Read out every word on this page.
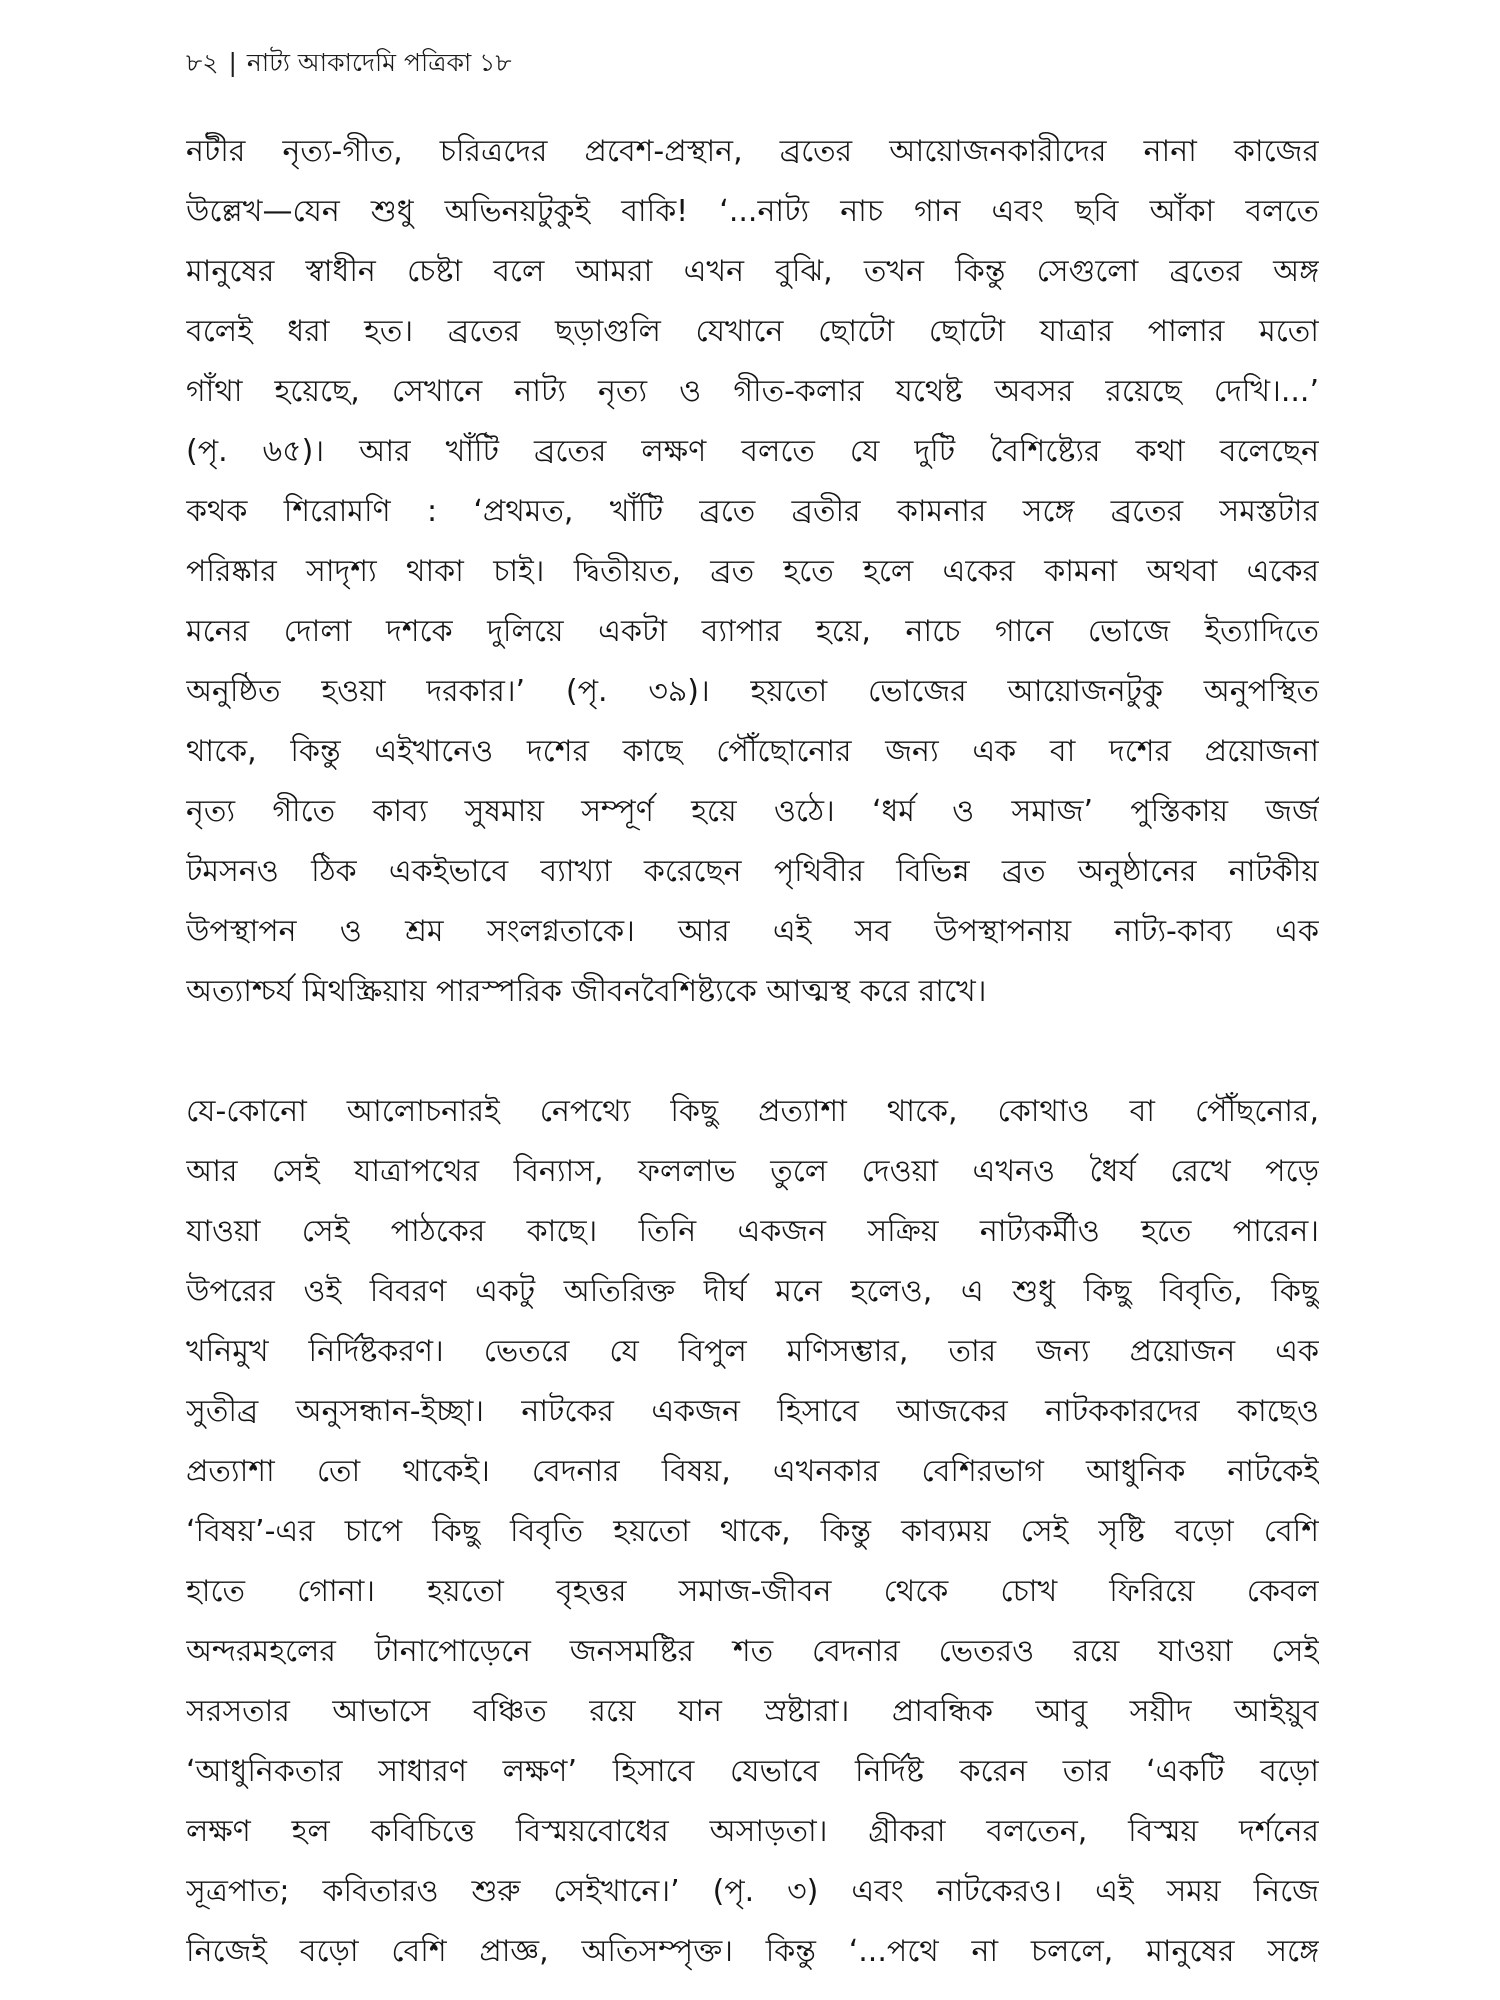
৮২ | নাট্য আকাদেমি পত্রিকা ১৮
নটীর নৃত্য-গীত, চরিত্রদের প্রবেশ-প্রস্থান, ব্রতের আয়োজনকারীদের নানা কাজের
উল্লেখ—যেন শুধু অভিনয়টুকুই বাকি! ‘...নাট্য নাচ গান এবং ছবি আঁকা বলতে
মানুষের স্বাধীন চেষ্টা বলে আমরা এখন বুঝি, তখন কিন্তু সেগুলো ব্রতের অঙ্গ
বলেই ধরা হত। ব্রতের ছড়াগুলি যেখানে ছোটো ছোটো যাত্রার পালার মতো
গাঁথা হয়েছে, সেখানে নাট্য নৃত্য ও গীত-কলার যথেষ্ট অবসর রয়েছে দেখি।...’
(পৃ. ৬৫)। আর খাঁটি ব্রতের লক্ষণ বলতে যে দুটি বৈশিষ্ট্যের কথা বলেছেন
কথক শিরোমণি : ‘প্রথমত, খাঁটি ব্রতে ব্রতীর কামনার সঙ্গে ব্রতের সমস্তটার
পরিষ্কার সাদৃশ্য থাকা চাই। দ্বিতীয়ত, ব্রত হতে হলে একের কামনা অথবা একের
মনের দোলা দশকে দুলিয়ে একটা ব্যাপার হয়ে, নাচে গানে ভোজে ইত্যাদিতে
অনুষ্ঠিত হওয়া দরকার।’ (পৃ. ৩৯)। হয়তো ভোজের আয়োজনটুকু অনুপস্থিত
থাকে, কিন্তু এইখানেও দশের কাছে পৌঁছোনোর জন্য এক বা দশের প্রয়োজনা
নৃত্য গীতে কাব্য সুষমায় সম্পূর্ণ হয়ে ওঠে। ‘ধর্ম ও সমাজ’ পুস্তিকায় জর্জ
টমসনও ঠিক একইভাবে ব্যাখ্যা করেছেন পৃথিবীর বিভিন্ন ব্রত অনুষ্ঠানের নাটকীয়
উপস্থাপন ও শ্রম সংলগ্নতাকে। আর এই সব উপস্থাপনায় নাট্য-কাব্য এক
অত্যাশ্চর্য মিথস্ক্রিয়ায় পারস্পরিক জীবনবৈশিষ্ট্যকে আত্মস্থ করে রাখে।
যে-কোনো আলোচনারই নেপথ্যে কিছু প্রত্যাশা থাকে, কোথাও বা পৌঁছনোর,
আর সেই যাত্রাপথের বিন্যাস, ফললাভ তুলে দেওয়া এখনও ধৈর্য রেখে পড়ে
যাওয়া সেই পাঠকের কাছে। তিনি একজন সক্রিয় নাট্যকর্মীও হতে পারেন।
উপরের ওই বিবরণ একটু অতিরিক্ত দীর্ঘ মনে হলেও, এ শুধু কিছু বিবৃতি, কিছু
খনিমুখ নির্দিষ্টকরণ। ভেতরে যে বিপুল মণিসম্ভার, তার জন্য প্রয়োজন এক
সুতীব্র অনুসন্ধান-ইচ্ছা। নাটকের একজন হিসাবে আজকের নাটককারদের কাছেও
প্রত্যাশা তো থাকেই। বেদনার বিষয়, এখনকার বেশিরভাগ আধুনিক নাটকেই
‘বিষয়’-এর চাপে কিছু বিবৃতি হয়তো থাকে, কিন্তু কাব্যময় সেই সৃষ্টি বড়ো বেশি
হাতে গোনা। হয়তো বৃহত্তর সমাজ-জীবন থেকে চোখ ফিরিয়ে কেবল
অন্দরমহলের টানাপোড়েনে জনসমষ্টির শত বেদনার ভেতরও রয়ে যাওয়া সেই
সরসতার আভাসে বঞ্চিত রয়ে যান স্রষ্টারা। প্রাবন্ধিক আবু সয়ীদ আইয়ুব
‘আধুনিকতার সাধারণ লক্ষণ’ হিসাবে যেভাবে নির্দিষ্ট করেন তার ‘একটি বড়ো
লক্ষণ হল কবিচিত্তে বিস্ময়বোধের অসাড়তা। গ্রীকরা বলতেন, বিস্ময় দর্শনের
সূত্রপাত; কবিতারও শুরু সেইখানে।’ (পৃ. ৩) এবং নাটকেরও। এই সময় নিজে
নিজেই বড়ো বেশি প্রাজ্ঞ, অতিসম্পৃক্ত। কিন্তু ‘...পথে না চললে, মানুষের সঙ্গে
